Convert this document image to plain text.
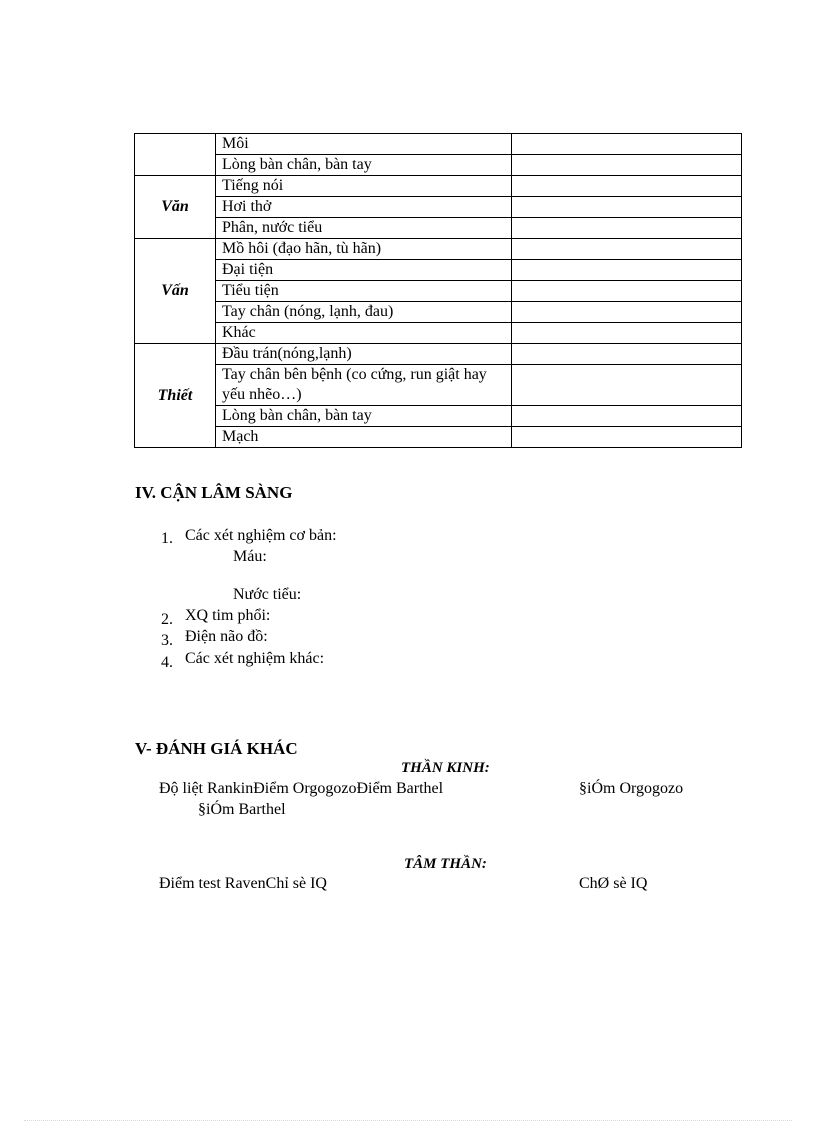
	Môi	
	Lòng bàn chân, bàn tay	
Văn	Tiếng nói	
	Hơi thở	
	Phân, nước tiểu	
Vấn	Mồ hôi (đạo hãn, tù hãn)	
	Đại tiện	
	Tiểu tiện	
	Tay chân (nóng, lạnh, đau)	
	Khác	
Thiết	Đầu trán(nóng,lạnh)	
	Tay chân bên bệnh (co cứng, run giật hay yếu nhẽo…)	
	Lòng bàn chân, bàn tay	
	Mạch	
IV. CẬN LÂM SÀNG
1. Các xét nghiệm cơ bản:
Máu:
Nước tiểu:
2. XQ tim phổi:
3. Điện não đồ:
4. Các xét nghiệm khác:
V- ĐÁNH GIÁ KHÁC
THẦN KINH:
Độ liệt RankinĐiểm OrgogozoĐiểm Barthel	§iÓm Orgogozo
§iÓm Barthel
TÂM THẦN:
Điểm test RavenChỉ sè IQ	ChØ sè IQ
